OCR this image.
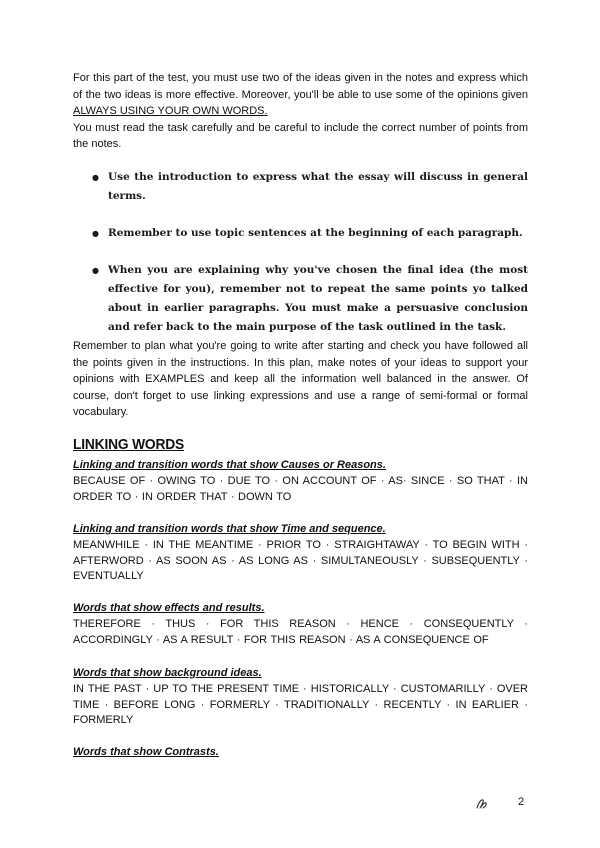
For this part of the test, you must use two of the ideas given in the notes and express which of the two ideas is more effective. Moreover, you'll be able to use some of the opinions given ALWAYS USING YOUR OWN WORDS.
You must read the task carefully and be careful to include the correct number of points from the notes.

● Use the introduction to express what the essay will discuss in general terms.
● Remember to use topic sentences at the beginning of each paragraph.
● When you are explaining why you've chosen the final idea (the most effective for you), remember not to repeat the same points yo talked about in earlier paragraphs. You must make a persuasive conclusion and refer back to the main purpose of the task outlined in the task.

Remember to plan what you're going to write after starting and check you have followed all the points given in the instructions. In this plan, make notes of your ideas to support your opinions with EXAMPLES and keep all the information well balanced in the answer. Of course, don't forget to use linking expressions and use a range of semi-formal or formal vocabulary.

LINKING WORDS

Linking and transition words that show Causes or Reasons.

BECAUSE OF · OWING TO · DUE TO · ON ACCOUNT OF · AS· SINCE · SO THAT · IN ORDER TO · IN ORDER THAT · DOWN TO

Linking and transition words that show Time and sequence.

MEANWHILE · IN THE MEANTIME · PRIOR TO · STRAIGHTAWAY · TO BEGIN WITH · AFTERWORD · AS SOON AS · AS LONG AS · SIMULTANEOUSLY · SUBSEQUENTLY · EVENTUALLY

Words that show effects and results.

THEREFORE · THUS · FOR THIS REASON · HENCE · CONSEQUENTLY · ACCORDINGLY · AS A RESULT · FOR THIS REASON · AS A CONSEQUENCE OF

Words that show background ideas.

IN THE PAST · UP TO THE PRESENT TIME · HISTORICALLY · CUSTOMARILLY · OVER TIME · BEFORE LONG · FORMERLY · TRADITIONALLY · RECENTLY · IN EARLIER · FORMERLY

Words that show Contrasts.

2
